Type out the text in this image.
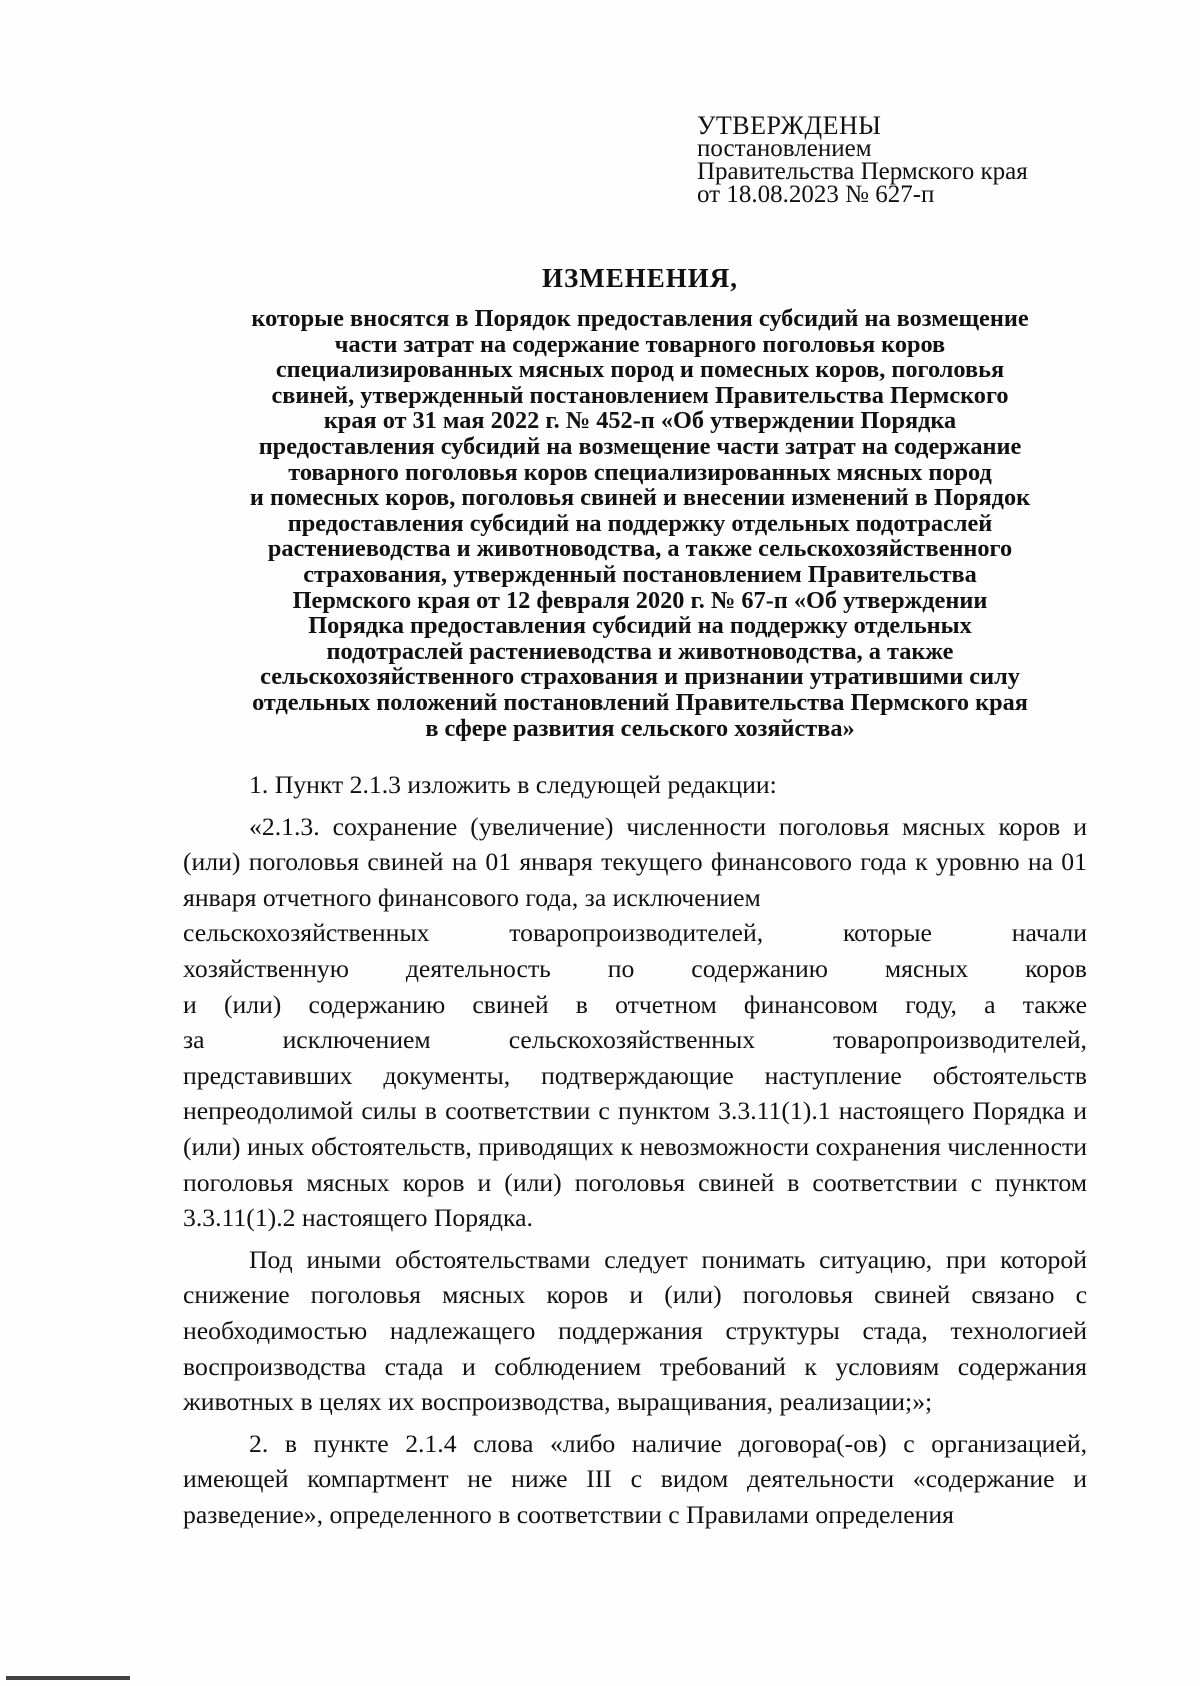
УТВЕРЖДЕНЫ
постановлением
Правительства Пермского края
от 18.08.2023 № 627-п
ИЗМЕНЕНИЯ,
которые вносятся в Порядок предоставления субсидий на возмещение
части затрат на содержание товарного поголовья коров
специализированных мясных пород и помесных коров, поголовья
свиней, утвержденный постановлением Правительства Пермского
края от 31 мая 2022 г. № 452-п «Об утверждении Порядка
предоставления субсидий на возмещение части затрат на содержание
товарного поголовья коров специализированных мясных пород
и помесных коров, поголовья свиней и внесении изменений в Порядок
предоставления субсидий на поддержку отдельных подотраслей
растениеводства и животноводства, а также сельскохозяйственного
страхования, утвержденный постановлением Правительства
Пермского края от 12 февраля 2020 г. № 67-п «Об утверждении
Порядка предоставления субсидий на поддержку отдельных
подотраслей растениеводства и животноводства, а также
сельскохозяйственного страхования и признании утратившими силу
отдельных положений постановлений Правительства Пермского края
в сфере развития сельского хозяйства»

1. Пункт 2.1.3 изложить в следующей редакции:

«2.1.3. сохранение (увеличение) численности поголовья мясных коров и (или) поголовья свиней на 01 января текущего финансового года к уровню на 01 января отчетного финансового года, за исключением

сельскохозяйственных	товаропроизводителей,	которые	начали
хозяйственную деятельность по содержанию мясных коров

и (или) содержанию свиней в отчетном финансовом году, а также

за	исключением	сельскохозяйственных	товаропроизводителей,

представивших документы, подтверждающие наступление обстоятельств непреодолимой силы в соответствии с пунктом 3.3.11(1).1 настоящего Порядка и (или) иных обстоятельств, приводящих к невозможности сохранения численности поголовья мясных коров и (или) поголовья свиней в соответствии с пунктом 3.3.11(1).2 настоящего Порядка.

Под иными обстоятельствами следует понимать ситуацию, при которой снижение поголовья мясных коров и (или) поголовья свиней связано с необходимостью надлежащего поддержания структуры стада, технологией воспроизводства стада и соблюдением требований к условиям содержания животных в целях их воспроизводства, выращивания, реализации;»;

2. в пункте 2.1.4 слова «либо наличие договора(-ов) с организацией, имеющей компартмент не ниже III с видом деятельности «содержание и разведение», определенного в соответствии с Правилами определения
